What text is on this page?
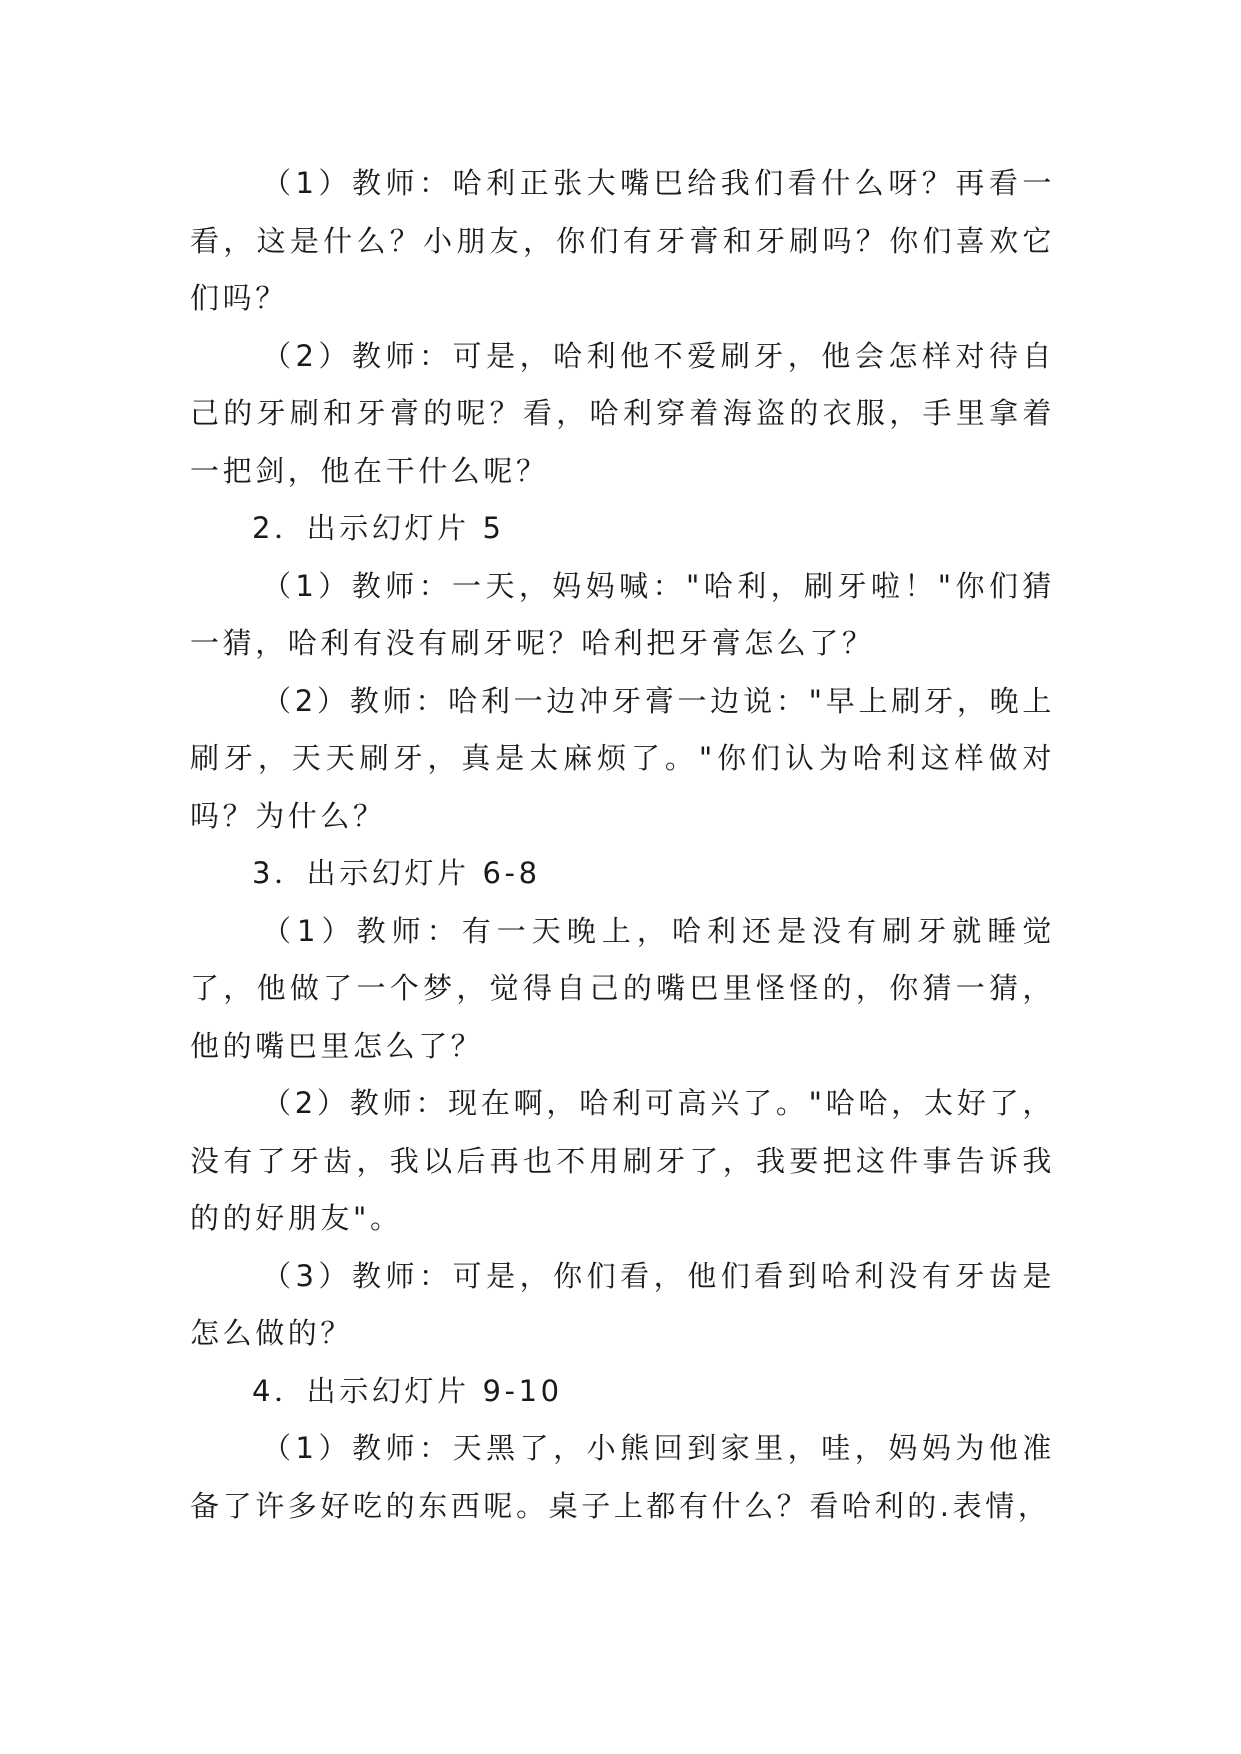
（1）教师：哈利正张大嘴巴给我们看什么呀？再看一看，这是什么？小朋友，你们有牙膏和牙刷吗？你们喜欢它们吗？

（2）教师：可是，哈利他不爱刷牙，他会怎样对待自己的牙刷和牙膏的呢？看，哈利穿着海盗的衣服，手里拿着一把剑，他在干什么呢？

2．出示幻灯片 5

（1）教师：一天，妈妈喊："哈利，刷牙啦！"你们猜一猜，哈利有没有刷牙呢？哈利把牙膏怎么了？

（2）教师：哈利一边冲牙膏一边说："早上刷牙，晚上刷牙，天天刷牙，真是太麻烦了。"你们认为哈利这样做对吗？为什么？

3．出示幻灯片 6-8

（1）教师：有一天晚上，哈利还是没有刷牙就睡觉了，他做了一个梦，觉得自己的嘴巴里怪怪的，你猜一猜，他的嘴巴里怎么了？

（2）教师：现在啊，哈利可高兴了。"哈哈，太好了，没有了牙齿，我以后再也不用刷牙了，我要把这件事告诉我的的好朋友"。

（3）教师：可是，你们看，他们看到哈利没有牙齿是怎么做的？

4．出示幻灯片 9-10

（1）教师：天黑了，小熊回到家里，哇，妈妈为他准备了许多好吃的东西呢。桌子上都有什么？看哈利的.表情，
